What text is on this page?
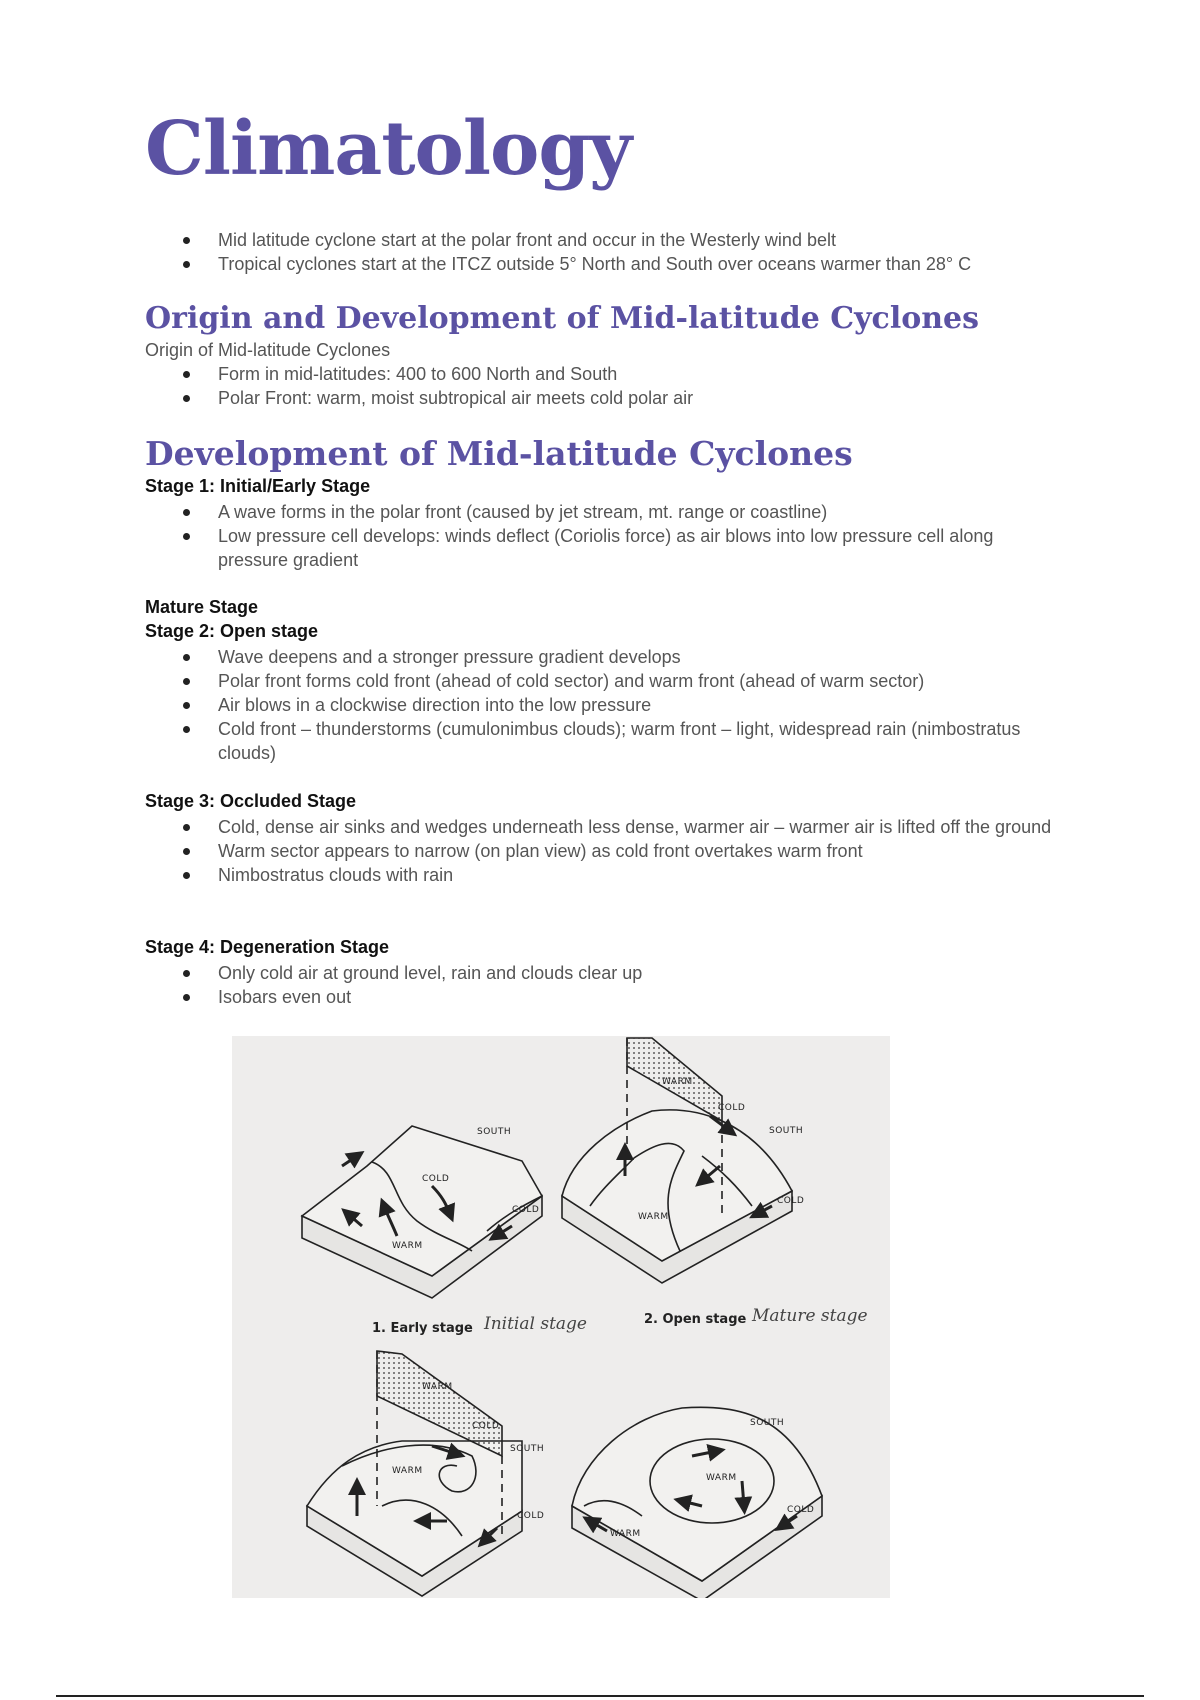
Climatology
Mid latitude cyclone start at the polar front and occur in the Westerly wind belt
Tropical cyclones start at the ITCZ outside 5° North and South over oceans warmer than 28° C
Origin and Development of Mid-latitude Cyclones

Origin of Mid-latitude Cyclones

Form in mid-latitudes: 400 to 600 North and South
Polar Front: warm, moist subtropical air meets cold polar air
Development of Mid-latitude Cyclones

Stage 1: Initial/Early Stage

A wave forms in the polar front (caused by jet stream, mt. range or coastline)
Low pressure cell develops: winds deflect (Coriolis force) as air blows into low pressure cell along pressure gradient

Mature Stage

Stage 2: Open stage

Wave deepens and a stronger pressure gradient develops
Polar front forms cold front (ahead of cold sector) and warm front (ahead of warm sector)
Air blows in a clockwise direction into the low pressure
Cold front – thunderstorms (cumulonimbus clouds); warm front – light, widespread rain (nimbostratus clouds)

Stage 3: Occluded Stage

Cold, dense air sinks and wedges underneath less dense, warmer air – warmer air is lifted off the ground
Warm sector appears to narrow (on plan view) as cold front overtakes warm front
Nimbostratus clouds with rain

Stage 4: Degeneration Stage

Only cold air at ground level, rain and clouds clear up
Isobars even out
SOUTH
COLD
COLD
WARM
SOUTH
WARM
COLD
COLD
WARM
WARM
COLD
SOUTH
WARM
COLD
SOUTH
WARM
COLD
WARM
1. Early stage
2. Open stage
Initial stage	Mature stage
